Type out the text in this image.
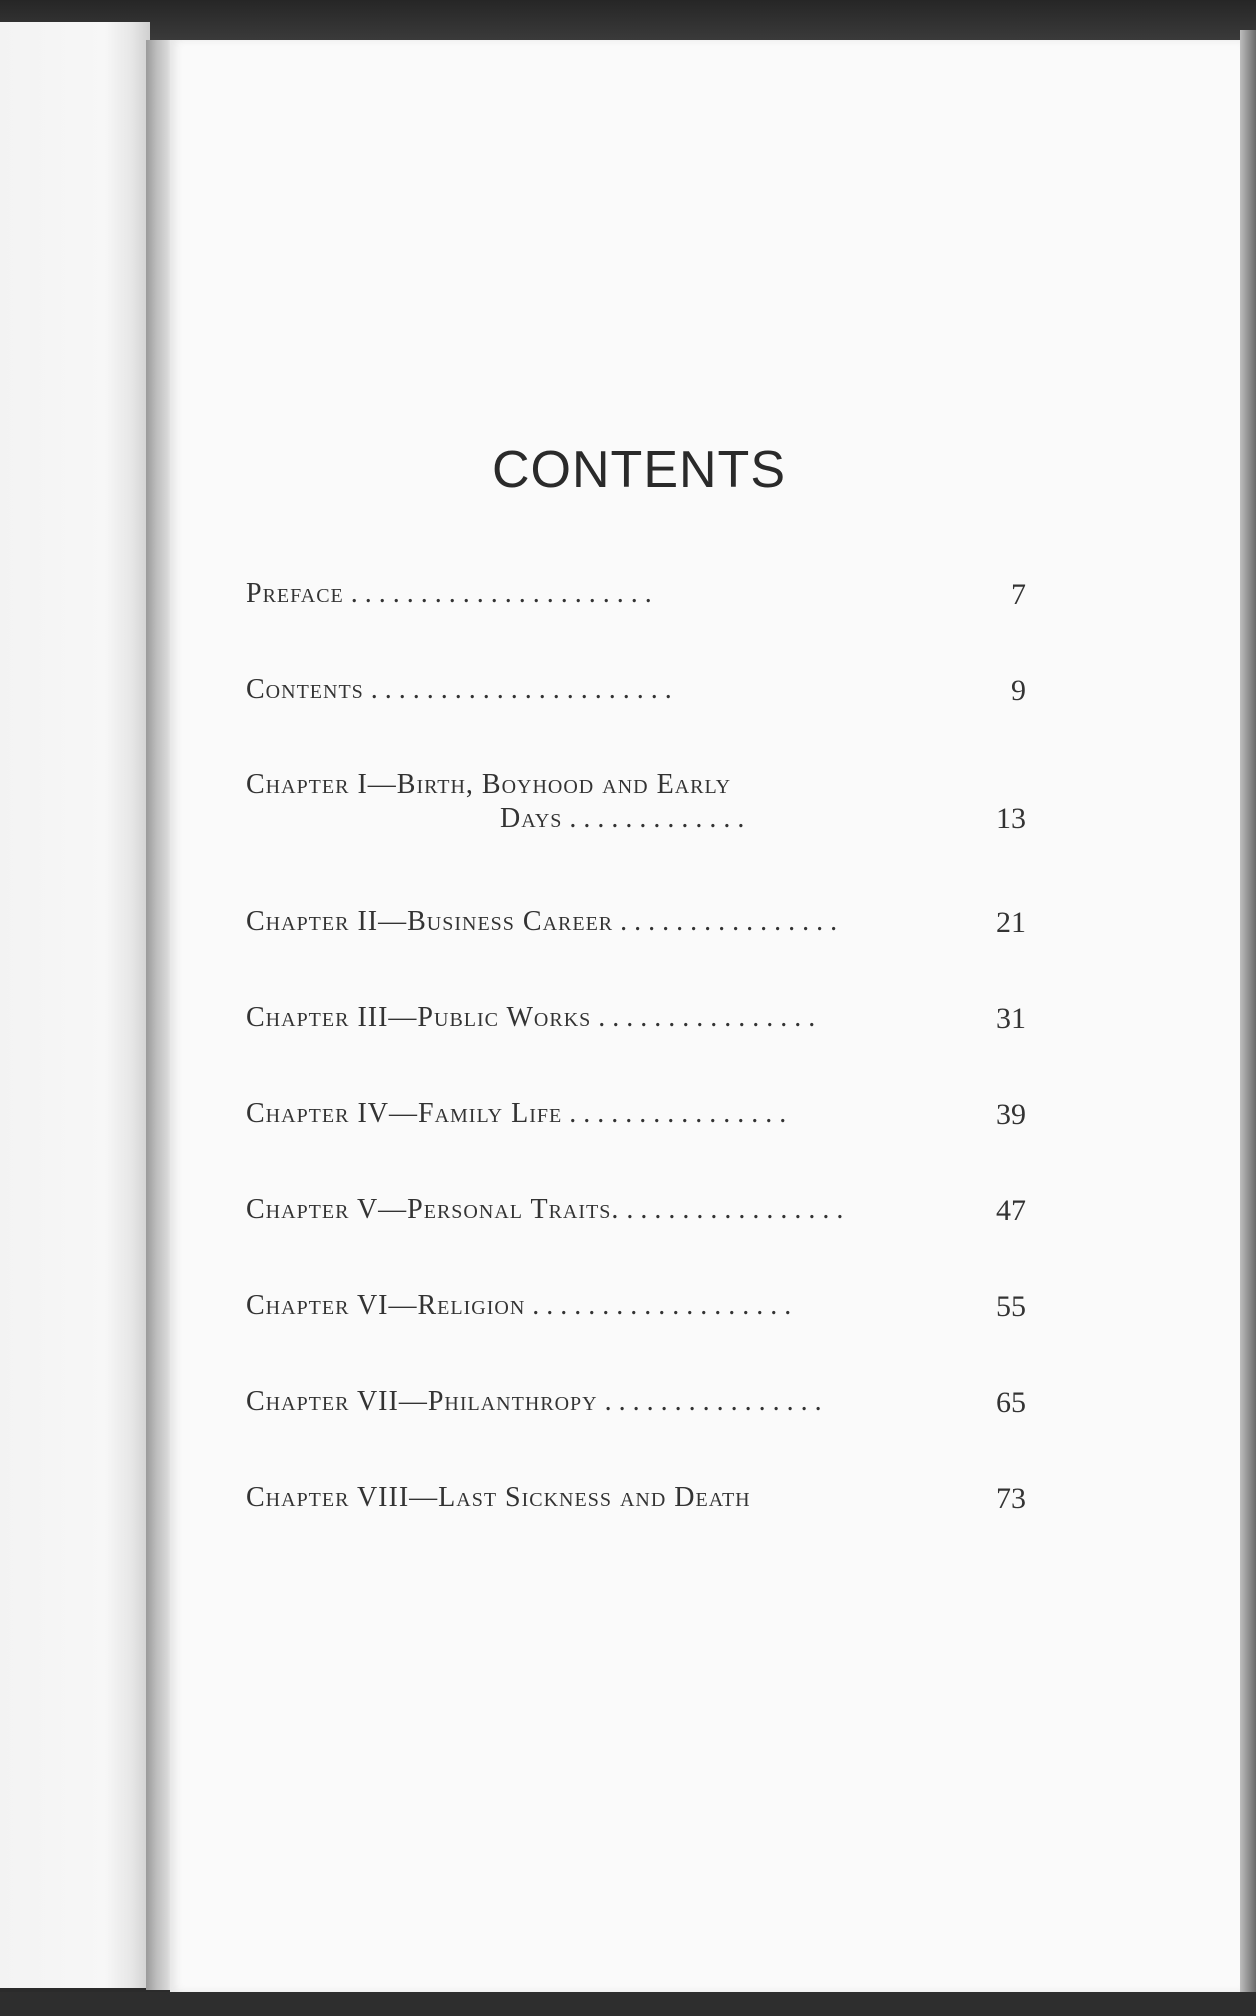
CONTENTS
Preface . . . . . . . . . . . . . . . . . . . . . .	7
Contents . . . . . . . . . . . . . . . . . . . . . .	9
Chapter I—Birth, Boyhood and Early
Days . . . . . . . . . . . . .	13
Chapter II—Business Career . . . . . . . . . . . . . . . .	21
Chapter III—Public Works . . . . . . . . . . . . . . . .	31
Chapter IV—Family Life . . . . . . . . . . . . . . . .	39
Chapter V—Personal Traits. . . . . . . . . . . . . . . . .	47
Chapter VI—Religion . . . . . . . . . . . . . . . . . . .	55
Chapter VII—Philanthropy . . . . . . . . . . . . . . . .	65
Chapter VIII—Last Sickness and Death	73
